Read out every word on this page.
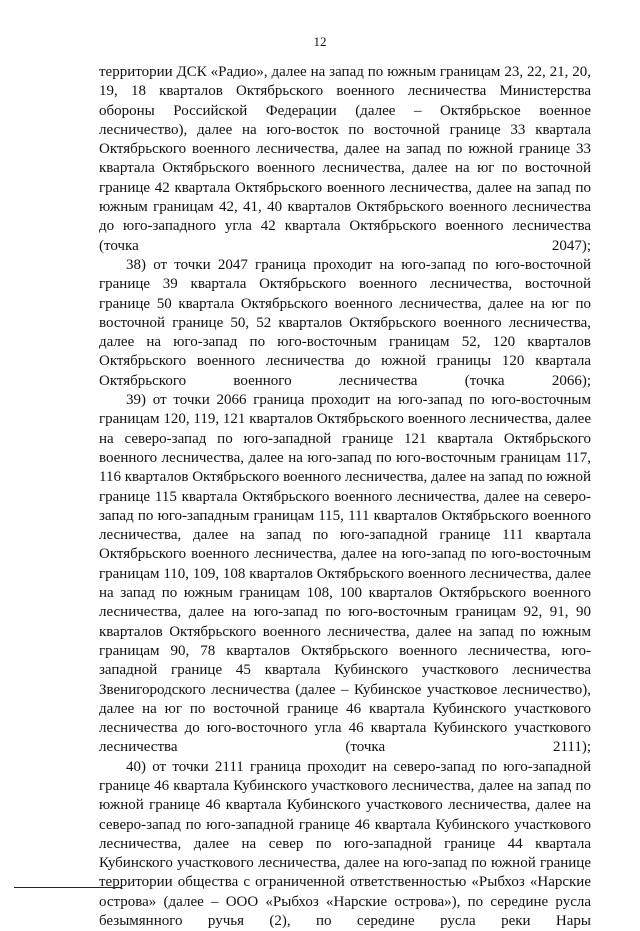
12

территории ДСК «Радио», далее на запад по южным границам 23, 22, 21, 20, 19, 18 кварталов Октябрьского военного лесничества Министерства обороны Российской Федерации (далее – Октябрьское военное лесничество), далее на юго-восток по восточной границе 33 квартала Октябрьского военного лесничества, далее на запад по южной границе 33 квартала Октябрьского военного лесничества, далее на юг по восточной границе 42 квартала Октябрьского военного лесничества, далее на запад по южным границам 42, 41, 40 кварталов Октябрьского военного лесничества до юго-западного угла 42 квартала Октябрьского военного лесничества (точка 2047);

38) от точки 2047 граница проходит на юго-запад по юго-восточной границе 39 квартала Октябрьского военного лесничества, восточной границе 50 квартала Октябрьского военного лесничества, далее на юг по восточной границе 50, 52 кварталов Октябрьского военного лесничества, далее на юго-запад по юго-восточным границам 52, 120 кварталов Октябрьского военного лесничества до южной границы 120 квартала Октябрьского военного лесничества (точка 2066);

39) от точки 2066 граница проходит на юго-запад по юго-восточным границам 120, 119, 121 кварталов Октябрьского военного лесничества, далее на северо-запад по юго-западной границе 121 квартала Октябрьского военного лесничества, далее на юго-запад по юго-восточным границам 117, 116 кварталов Октябрьского военного лесничества, далее на запад по южной границе 115 квартала Октябрьского военного лесничества, далее на северо-запад по юго-западным границам 115, 111 кварталов Октябрьского военного лесничества, далее на запад по юго-западной границе 111 квартала Октябрьского военного лесничества, далее на юго-запад по юго-восточным границам 110, 109, 108 кварталов Октябрьского военного лесничества, далее на запад по южным границам 108, 100 кварталов Октябрьского военного лесничества, далее на юго-запад по юго-восточным границам 92, 91, 90 кварталов Октябрьского военного лесничества, далее на запад по южным границам 90, 78 кварталов Октябрьского военного лесничества, юго-западной границе 45 квартала Кубинского участкового лесничества Звенигородского лесничества (далее – Кубинское участковое лесничество), далее на юг по восточной границе 46 квартала Кубинского участкового лесничества до юго-восточного угла 46 квартала Кубинского участкового лесничества (точка 2111);

40) от точки 2111 граница проходит на северо-запад по юго-западной границе 46 квартала Кубинского участкового лесничества, далее на запад по южной границе 46 квартала Кубинского участкового лесничества, далее на северо-запад по юго-западной границе 46 квартала Кубинского участкового лесничества, далее на север по юго-западной границе 44 квартала Кубинского участкового лесничества, далее на юго-запад по южной границе территории общества с ограниченной ответственностью «Рыбхоз «Нарские острова» (далее – ООО «Рыбхоз «Нарские острова»), по середине русла безымянного ручья (2), по середине русла реки Нары
